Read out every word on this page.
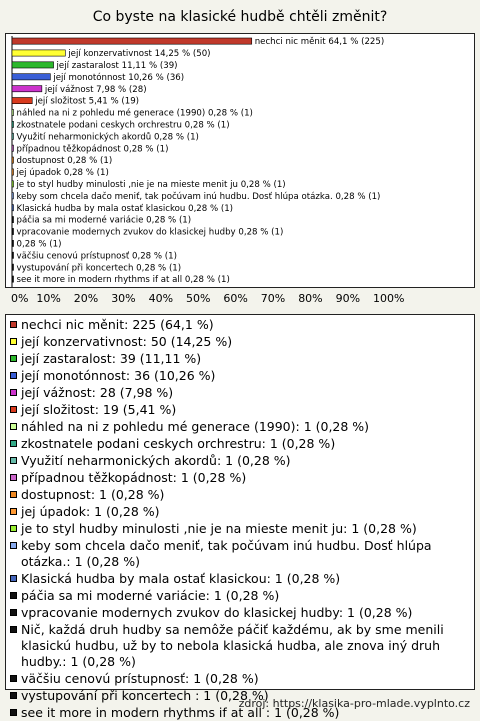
Co byste na klasické hudbě chtěli změnit?
nechci nic měnit 64,1 % (225)
její konzervativnost 14,25 % (50)
její zastaralost 11,11 % (39)
její monotónnost 10,26 % (36)
její vážnost 7,98 % (28)
její složitost 5,41 % (19)
náhled na ni z pohledu mé generace (1990) 0,28 % (1)
zkostnatele podani ceskych orchrestru 0,28 % (1)
Využití neharmonických akordů 0,28 % (1)
případnou těžkopádnost 0,28 % (1)
dostupnost 0,28 % (1)
jej úpadok 0,28 % (1)
je to styl hudby minulosti ,nie je na mieste menit ju 0,28 % (1)
keby som chcela dačo meniť, tak počúvam inú hudbu. Dosť hlúpa otázka. 0,28 % (1)
Klasická hudba by mala ostať klasickou 0,28 % (1)
páčia sa mi moderné variácie 0,28 % (1)
vpracovanie modernych zvukov do klasickej hudby 0,28 % (1)
0,28 % (1)
väčšiu cenovú prístupnosť 0,28 % (1)
vystupování při koncertech 0,28 % (1)
see it more in modern rhythms if at all 0,28 % (1)
nechci nic měnit: 225 (64,1 %)
její konzervativnost: 50 (14,25 %)
její zastaralost: 39 (11,11 %)
její monotónnost: 36 (10,26 %)
její vážnost: 28 (7,98 %)
její složitost: 19 (5,41 %)
náhled na ni z pohledu mé generace (1990): 1 (0,28 %)
zkostnatele podani ceskych orchrestru: 1 (0,28 %)
Využití neharmonických akordů: 1 (0,28 %)
případnou těžkopádnost: 1 (0,28 %)
dostupnost: 1 (0,28 %)
jej úpadok: 1 (0,28 %)
je to styl hudby minulosti ,nie je na mieste menit ju: 1 (0,28 %)
keby som chcela dačo meniť, tak počúvam inú hudbu. Dosť hlúpa otázka.: 1 (0,28 %)
Klasická hudba by mala ostať klasickou: 1 (0,28 %)
páčia sa mi moderné variácie: 1 (0,28 %)
vpracovanie modernych zvukov do klasickej hudby: 1 (0,28 %)
Nič, každá druh hudby sa nemôže páčiť každému, ak by sme menili klasickú hudbu, už by to nebola klasická hudba, ale znova iný druh hudby.: 1 (0,28 %)
väčšiu cenovú prístupnosť: 1 (0,28 %)
vystupování při koncertech : 1 (0,28 %)
see it more in modern rhythms if at all : 1 (0,28 %)
zdroj: https://klasika-pro-mlade.vyplnto.cz
0% 10% 20% 30% 40% 50% 60% 70% 80% 90% 100%
